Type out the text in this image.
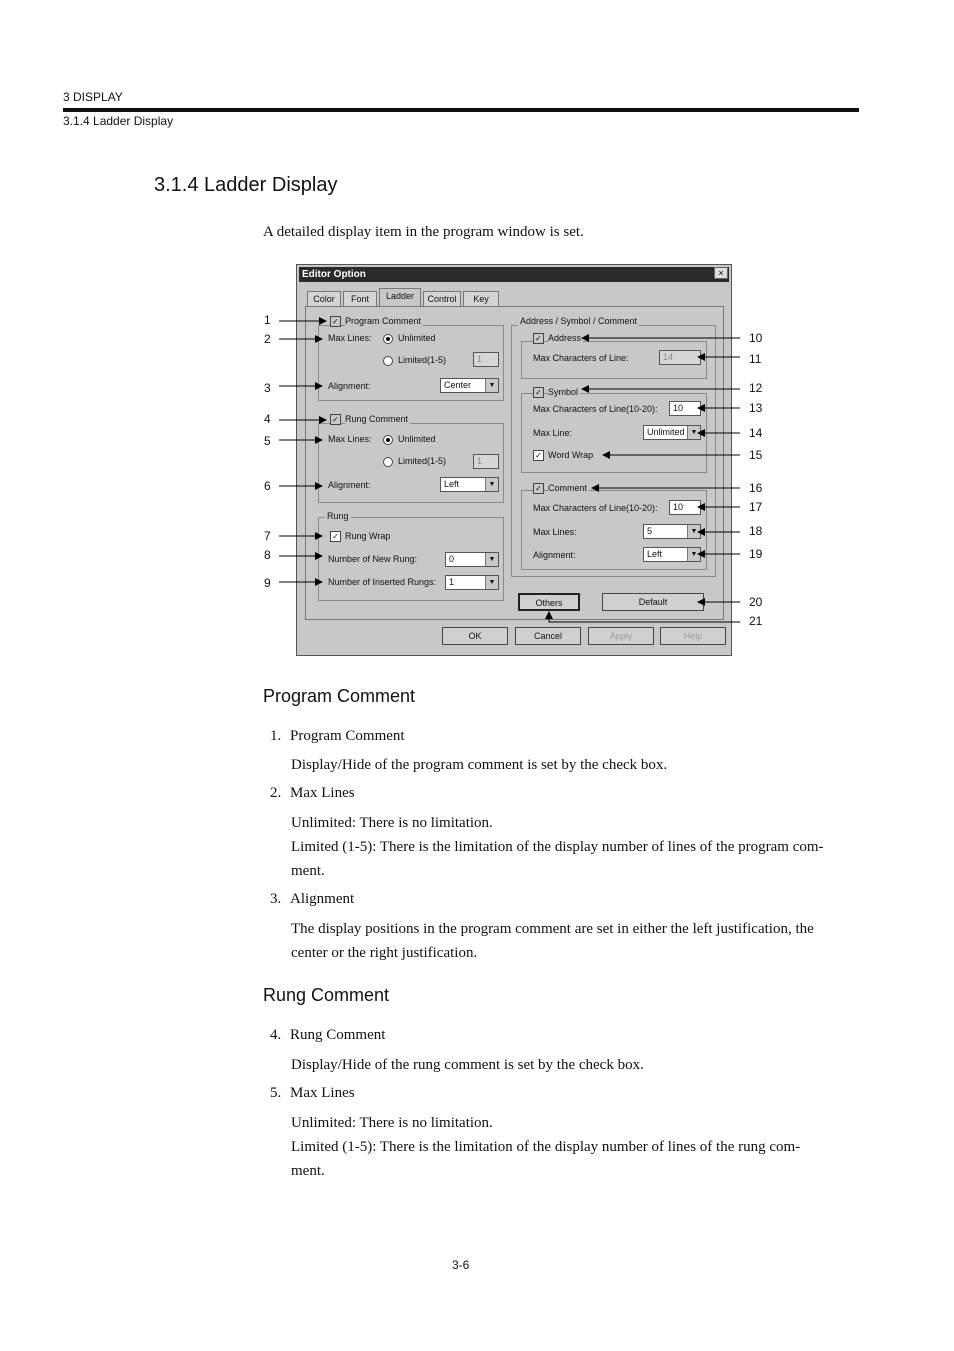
3 DISPLAY
3.1.4 Ladder Display
3.1.4 Ladder Display
A detailed display item in the program window is set.
Editor Option	×
Color	Font	Ladder	Control	Key
✓ Program Comment
Max Lines:	Unlimited
Limited(1-5)	1
Alignment:	Center	▼
✓ Rung Comment
Max Lines:	Unlimited
Limited(1-5)	1
Alignment:	Left	▼
Rung
✓ Rung Wrap
Number of New Rung:	0	▼
Number of Inserted Rungs:	1	▼
Address / Symbol / Comment
✓ Address
Max Characters of Line:	14
✓ Symbol
Max Characters of Line(10-20):	10
Max Line:	Unlimited ▼
✓ Word Wrap
✓ Comment
Max Characters of Line(10-20):	10
Max Lines:	5	▼
Alignment:	Left	▼
Others	Default
OK	Cancel	Apply	Help
1
2
3
4
5
6
7
8
9
10
11
12
13
14
15
16
17
18
19
20
21
Program Comment
1. Program Comment
Display/Hide of the program comment is set by the check box.
2. Max Lines
Unlimited: There is no limitation.
Limited (1-5): There is the limitation of the display number of lines of the program com-
ment.
3. Alignment
The display positions in the program comment are set in either the left justification, the
center or the right justification.
Rung Comment
4. Rung Comment
Display/Hide of the rung comment is set by the check box.
5. Max Lines
Unlimited: There is no limitation.
Limited (1-5): There is the limitation of the display number of lines of the rung com-
ment.
3-6
